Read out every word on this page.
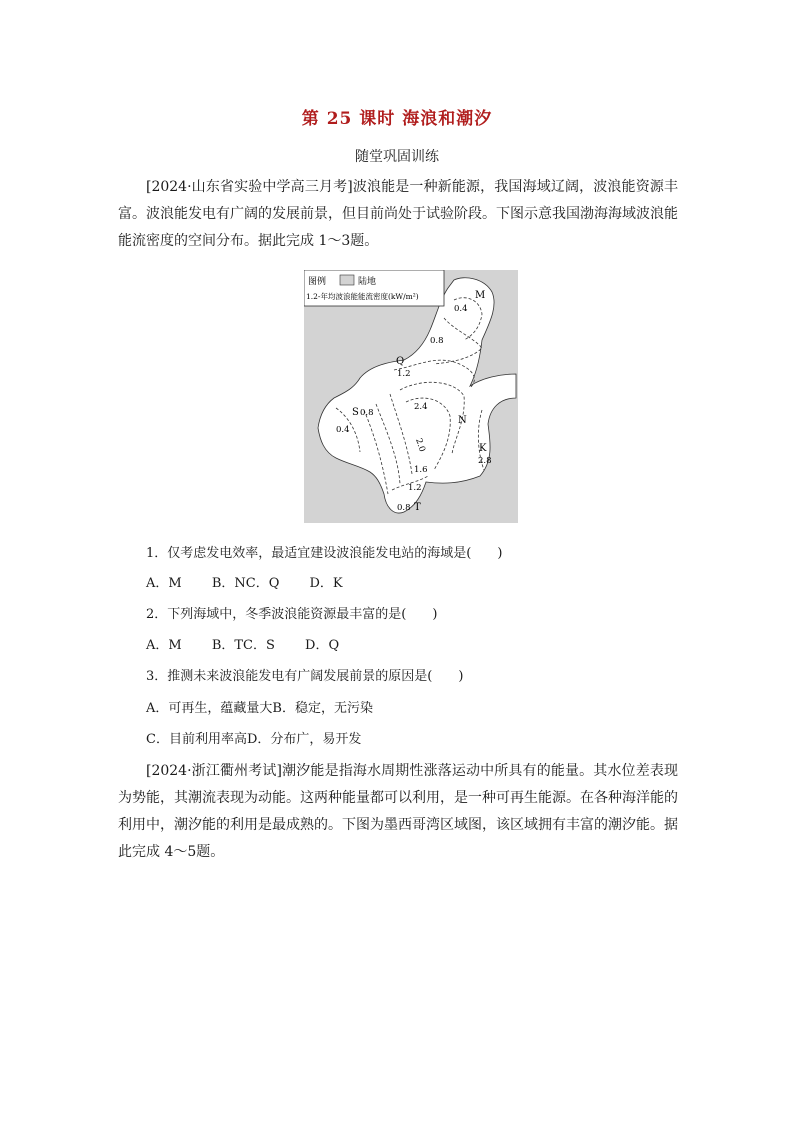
第 25 课时 海浪和潮汐
随堂巩固训练

[2024·山东省实验中学高三月考]波浪能是一种新能源，我国海域辽阔，波浪能资源丰富。波浪能发电有广阔的发展前景，但目前尚处于试验阶段。下图示意我国渤海海域波浪能能流密度的空间分布。据此完成 1～3题。

图例	陆地
1.2-年均波浪能能流密度(kW/m²)	M
Q
S
N
K
T
0.4
0.8
1.2
0.8
0.4
2.4
2.0
1.6
1.2
0.8
2.8

1．仅考虑发电效率，最适宜建设波浪能发电站的海域是(　　)

A．M　　 B．NC．Q　　 D．K

2．下列海域中，冬季波浪能资源最丰富的是(　　)

A．M　　 B．TC．S　　 D．Q

3．推测未来波浪能发电有广阔发展前景的原因是(　　)

A．可再生，蕴藏量大B．稳定，无污染

C．目前利用率高D．分布广，易开发

[2024·浙江衢州考试]潮汐能是指海水周期性涨落运动中所具有的能量。其水位差表现为势能，其潮流表现为动能。这两种能量都可以利用，是一种可再生能源。在各种海洋能的利用中，潮汐能的利用是最成熟的。下图为墨西哥湾区域图，该区域拥有丰富的潮汐能。据此完成 4～5题。
